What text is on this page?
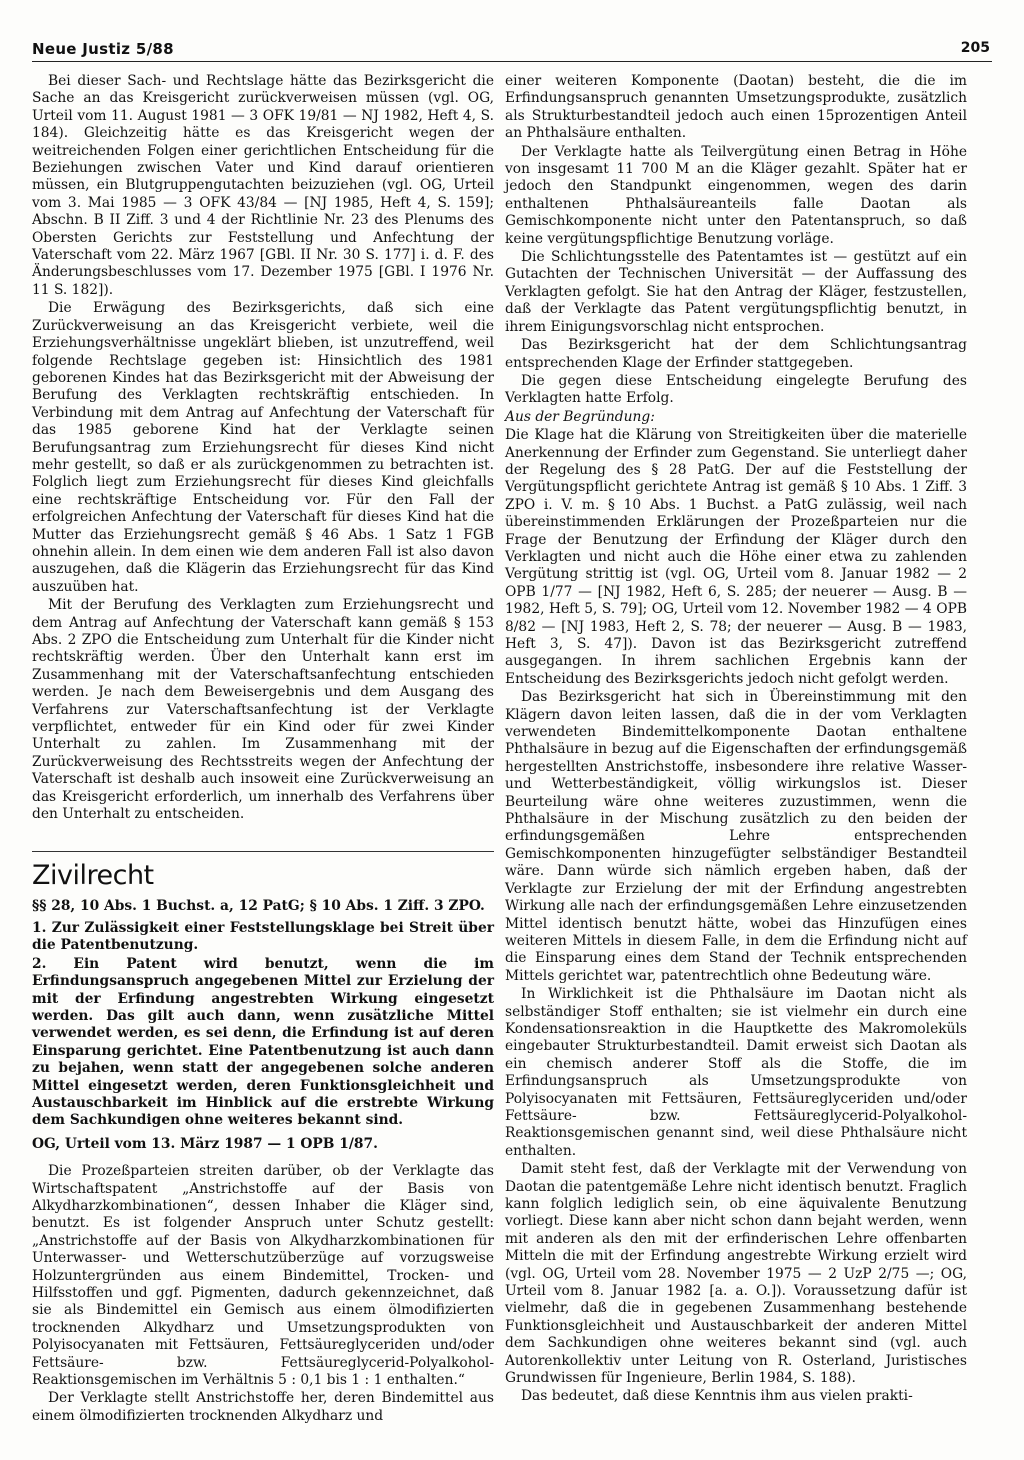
Neue Justiz 5/88	205

Bei dieser Sach- und Rechtslage hätte das Bezirksgericht die Sache an das Kreisgericht zurückverweisen müssen (vgl. OG, Urteil vom 11. August 1981 — 3 OFK 19/81 — NJ 1982, Heft 4, S. 184). Gleichzeitig hätte es das Kreisgericht wegen der weitreichenden Folgen einer gerichtlichen Entscheidung für die Beziehungen zwischen Vater und Kind darauf orientieren müssen, ein Blutgruppengutachten beizuziehen (vgl. OG, Urteil vom 3. Mai 1985 — 3 OFK 43/84 — [NJ 1985, Heft 4, S. 159]; Abschn. B II Ziff. 3 und 4 der Richtlinie Nr. 23 des Plenums des Obersten Gerichts zur Feststellung und Anfechtung der Vaterschaft vom 22. März 1967 [GBl. II Nr. 30 S. 177] i. d. F. des Änderungsbeschlusses vom 17. Dezember 1975 [GBl. I 1976 Nr. 11 S. 182]).

Die Erwägung des Bezirksgerichts, daß sich eine Zurückverweisung an das Kreisgericht verbiete, weil die Erziehungsverhältnisse ungeklärt blieben, ist unzutreffend, weil folgende Rechtslage gegeben ist: Hinsichtlich des 1981 geborenen Kindes hat das Bezirksgericht mit der Abweisung der Berufung des Verklagten rechtskräftig entschieden. In Verbindung mit dem Antrag auf Anfechtung der Vaterschaft für das 1985 geborene Kind hat der Verklagte seinen Berufungsantrag zum Erziehungsrecht für dieses Kind nicht mehr gestellt, so daß er als zurückgenommen zu betrachten ist. Folglich liegt zum Erziehungsrecht für dieses Kind gleichfalls eine rechtskräftige Entscheidung vor. Für den Fall der erfolgreichen Anfechtung der Vaterschaft für dieses Kind hat die Mutter das Erziehungsrecht gemäß § 46 Abs. 1 Satz 1 FGB ohnehin allein. In dem einen wie dem anderen Fall ist also davon auszugehen, daß die Klägerin das Erziehungsrecht für das Kind auszuüben hat.

Mit der Berufung des Verklagten zum Erziehungsrecht und dem Antrag auf Anfechtung der Vaterschaft kann gemäß § 153 Abs. 2 ZPO die Entscheidung zum Unterhalt für die Kinder nicht rechtskräftig werden. Über den Unterhalt kann erst im Zusammenhang mit der Vaterschaftsanfechtung entschieden werden. Je nach dem Beweisergebnis und dem Ausgang des Verfahrens zur Vaterschaftsanfechtung ist der Verklagte verpflichtet, entweder für ein Kind oder für zwei Kinder Unterhalt zu zahlen. Im Zusammenhang mit der Zurückverweisung des Rechtsstreits wegen der Anfechtung der Vaterschaft ist deshalb auch insoweit eine Zurückverweisung an das Kreisgericht erforderlich, um innerhalb des Verfahrens über den Unterhalt zu entscheiden.

Zivilrecht
§§ 28, 10 Abs. 1 Buchst. a, 12 PatG; § 10 Abs. 1 Ziff. 3 ZPO.

1. Zur Zulässigkeit einer Feststellungsklage bei Streit über die Patentbenutzung.

2. Ein Patent wird benutzt, wenn die im Erfindungsanspruch angegebenen Mittel zur Erzielung der mit der Erfindung angestrebten Wirkung eingesetzt werden. Das gilt auch dann, wenn zusätzliche Mittel verwendet werden, es sei denn, die Erfindung ist auf deren Einsparung gerichtet. Eine Patentbenutzung ist auch dann zu bejahen, wenn statt der angegebenen solche anderen Mittel eingesetzt werden, deren Funktionsgleichheit und Austauschbarkeit im Hinblick auf die erstrebte Wirkung dem Sachkundigen ohne weiteres bekannt sind.

OG, Urteil vom 13. März 1987 — 1 OPB 1/87.

Die Prozeßparteien streiten darüber, ob der Verklagte das Wirtschaftspatent „Anstrichstoffe auf der Basis von Alkydharzkombinationen“, dessen Inhaber die Kläger sind, benutzt. Es ist folgender Anspruch unter Schutz gestellt: „Anstrichstoffe auf der Basis von Alkydharzkombinationen für Unterwasser- und Wetterschutzüberzüge auf vorzugsweise Holzuntergründen aus einem Bindemittel, Trocken- und Hilfsstoffen und ggf. Pigmenten, dadurch gekennzeichnet, daß sie als Bindemittel ein Gemisch aus einem ölmodifizierten trocknenden Alkydharz und Umsetzungsprodukten von Polyisocyanaten mit Fettsäuren, Fettsäureglyceriden und/oder Fettsäure- bzw. Fettsäureglycerid-Polyalkohol-Reaktionsgemischen im Verhältnis 5 : 0,1 bis 1 : 1 enthalten.“

Der Verklagte stellt Anstrichstoffe her, deren Bindemittel aus einem ölmodifizierten trocknenden Alkydharz und

einer weiteren Komponente (Daotan) besteht, die die im Erfindungsanspruch genannten Umsetzungsprodukte, zusätzlich als Strukturbestandteil jedoch auch einen 15prozentigen Anteil an Phthalsäure enthalten.

Der Verklagte hatte als Teilvergütung einen Betrag in Höhe von insgesamt 11 700 M an die Kläger gezahlt. Später hat er jedoch den Standpunkt eingenommen, wegen des darin enthaltenen Phthalsäureanteils falle Daotan als Gemischkomponente nicht unter den Patentanspruch, so daß keine vergütungspflichtige Benutzung vorläge.

Die Schlichtungsstelle des Patentamtes ist — gestützt auf ein Gutachten der Technischen Universität — der Auffassung des Verklagten gefolgt. Sie hat den Antrag der Kläger, festzustellen, daß der Verklagte das Patent vergütungspflichtig benutzt, in ihrem Einigungsvorschlag nicht entsprochen.

Das Bezirksgericht hat der dem Schlichtungsantrag entsprechenden Klage der Erfinder stattgegeben.

Die gegen diese Entscheidung eingelegte Berufung des Verklagten hatte Erfolg.

Aus der Begründung:

Die Klage hat die Klärung von Streitigkeiten über die materielle Anerkennung der Erfinder zum Gegenstand. Sie unterliegt daher der Regelung des § 28 PatG. Der auf die Feststellung der Vergütungspflicht gerichtete Antrag ist gemäß § 10 Abs. 1 Ziff. 3 ZPO i. V. m. § 10 Abs. 1 Buchst. a PatG zulässig, weil nach übereinstimmenden Erklärungen der Prozeßparteien nur die Frage der Benutzung der Erfindung der Kläger durch den Verklagten und nicht auch die Höhe einer etwa zu zahlenden Vergütung strittig ist (vgl. OG, Urteil vom 8. Januar 1982 — 2 OPB 1/77 — [NJ 1982, Heft 6, S. 285; der neuerer — Ausg. B — 1982, Heft 5, S. 79]; OG, Urteil vom 12. November 1982 — 4 OPB 8/82 — [NJ 1983, Heft 2, S. 78; der neuerer — Ausg. B — 1983, Heft 3, S. 47]). Davon ist das Bezirksgericht zutreffend ausgegangen. In ihrem sachlichen Ergebnis kann der Entscheidung des Bezirksgerichts jedoch nicht gefolgt werden.

Das Bezirksgericht hat sich in Übereinstimmung mit den Klägern davon leiten lassen, daß die in der vom Verklagten verwendeten Bindemittelkomponente Daotan enthaltene Phthalsäure in bezug auf die Eigenschaften der erfindungsgemäß hergestellten Anstrichstoffe, insbesondere ihre relative Wasser- und Wetterbeständigkeit, völlig wirkungslos ist. Dieser Beurteilung wäre ohne weiteres zuzustimmen, wenn die Phthalsäure in der Mischung zusätzlich zu den beiden der erfindungsgemäßen Lehre entsprechenden Gemischkomponenten hinzugefügter selbständiger Bestandteil wäre. Dann würde sich nämlich ergeben haben, daß der Verklagte zur Erzielung der mit der Erfindung angestrebten Wirkung alle nach der erfindungsgemäßen Lehre einzusetzenden Mittel identisch benutzt hätte, wobei das Hinzufügen eines weiteren Mittels in diesem Falle, in dem die Erfindung nicht auf die Einsparung eines dem Stand der Technik entsprechenden Mittels gerichtet war, patentrechtlich ohne Bedeutung wäre.

In Wirklichkeit ist die Phthalsäure im Daotan nicht als selbständiger Stoff enthalten; sie ist vielmehr ein durch eine Kondensationsreaktion in die Hauptkette des Makromoleküls eingebauter Strukturbestandteil. Damit erweist sich Daotan als ein chemisch anderer Stoff als die Stoffe, die im Erfindungsanspruch als Umsetzungsprodukte von Polyisocyanaten mit Fettsäuren, Fettsäureglyceriden und/oder Fettsäure- bzw. Fettsäureglycerid-Polyalkohol-Reaktionsgemischen genannt sind, weil diese Phthalsäure nicht enthalten.

Damit steht fest, daß der Verklagte mit der Verwendung von Daotan die patentgemäße Lehre nicht identisch benutzt. Fraglich kann folglich lediglich sein, ob eine äquivalente Benutzung vorliegt. Diese kann aber nicht schon dann bejaht werden, wenn mit anderen als den mit der erfinderischen Lehre offenbarten Mitteln die mit der Erfindung angestrebte Wirkung erzielt wird (vgl. OG, Urteil vom 28. November 1975 — 2 UzP 2/75 —; OG, Urteil vom 8. Januar 1982 [a. a. O.]). Voraussetzung dafür ist vielmehr, daß die in gegebenen Zusammenhang bestehende Funktionsgleichheit und Austauschbarkeit der anderen Mittel dem Sachkundigen ohne weiteres bekannt sind (vgl. auch Autorenkollektiv unter Leitung von R. Osterland, Juristisches Grundwissen für Ingenieure, Berlin 1984, S. 188).

Das bedeutet, daß diese Kenntnis ihm aus vielen prakti-
